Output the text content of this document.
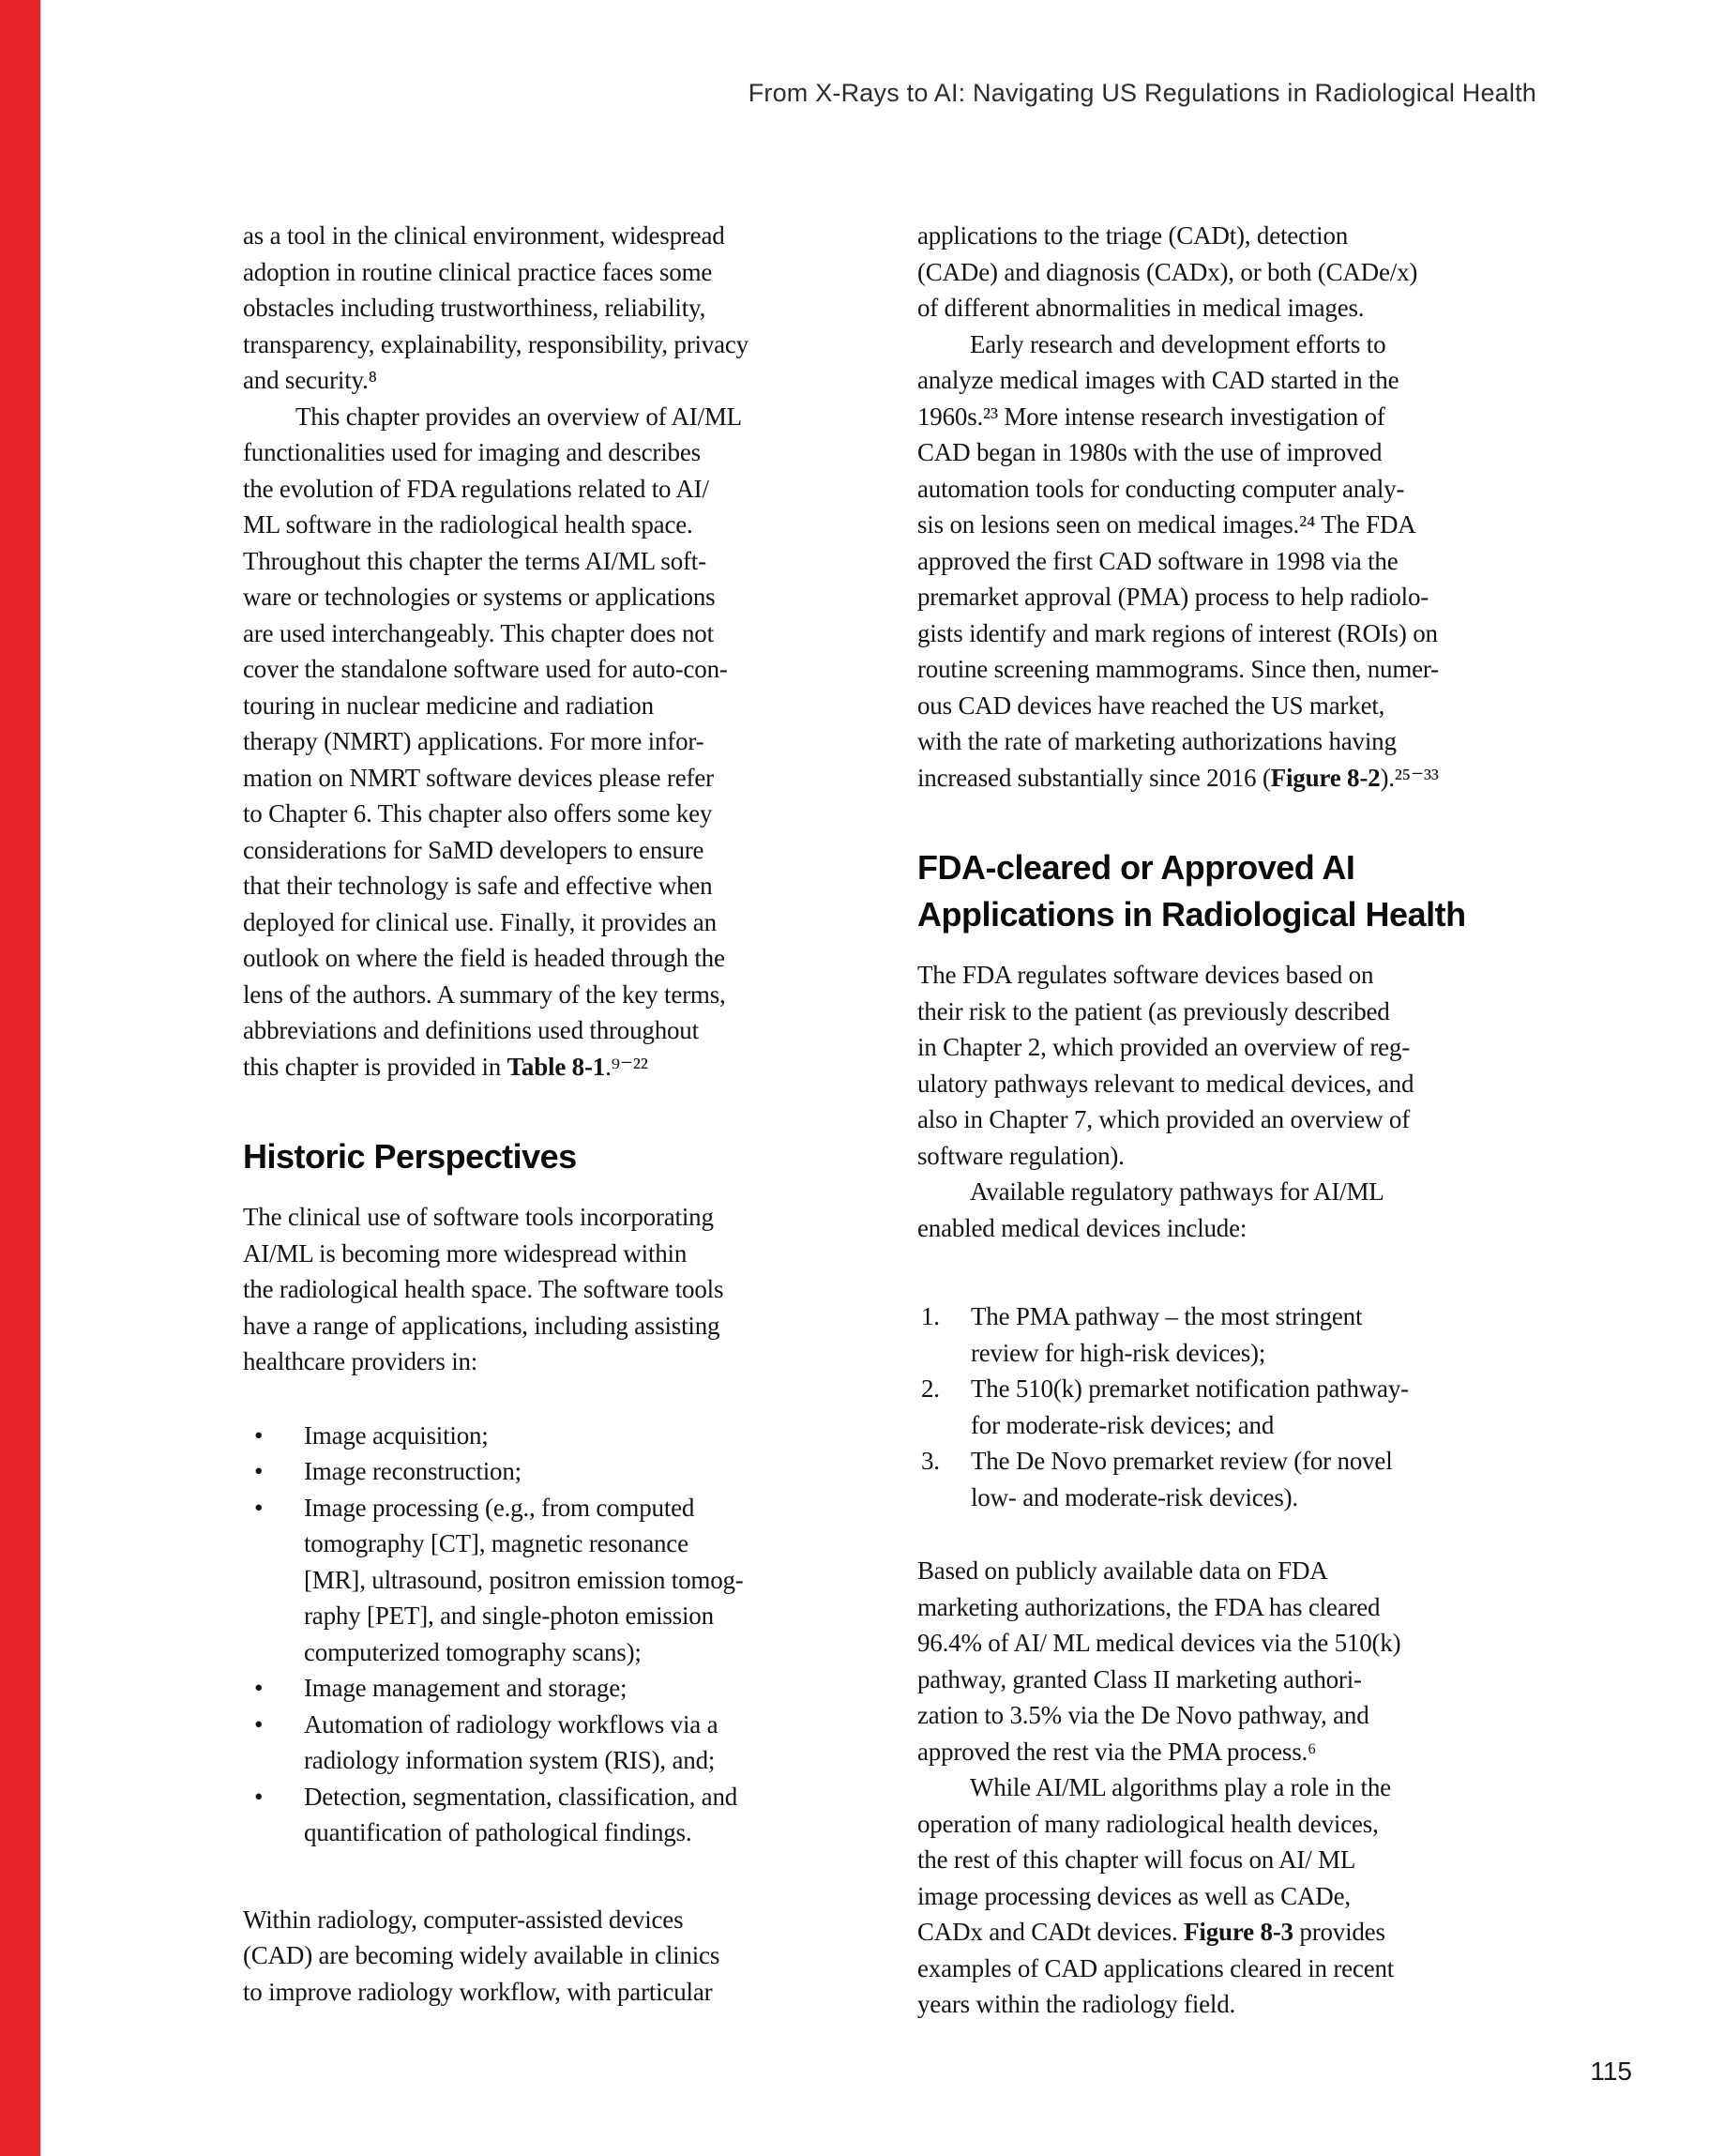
From X-Rays to AI: Navigating US Regulations in Radiological Health
as a tool in the clinical environment, widespread
adoption in routine clinical practice faces some
obstacles including trustworthiness, reliability,
transparency, explainability, responsibility, privacy
and security.⁸
This chapter provides an overview of AI/ML
functionalities used for imaging and describes
the evolution of FDA regulations related to AI/
ML software in the radiological health space.
Throughout this chapter the terms AI/ML soft-
ware or technologies or systems or applications
are used interchangeably. This chapter does not
cover the standalone software used for auto-con-
touring in nuclear medicine and radiation
therapy (NMRT) applications. For more infor-
mation on NMRT software devices please refer
to Chapter 6. This chapter also offers some key
considerations for SaMD developers to ensure
that their technology is safe and effective when
deployed for clinical use. Finally, it provides an
outlook on where the field is headed through the
lens of the authors. A summary of the key terms,
abbreviations and definitions used throughout
this chapter is provided in Table 8-1.⁹⁻²²
Historic Perspectives
The clinical use of software tools incorporating
AI/ML is becoming more widespread within
the radiological health space. The software tools
have a range of applications, including assisting
healthcare providers in:
• Image acquisition;
• Image reconstruction;
• Image processing (e.g., from computed
tomography [CT], magnetic resonance
[MR], ultrasound, positron emission tomog-
raphy [PET], and single-photon emission
computerized tomography scans);
• Image management and storage;
• Automation of radiology workflows via a
radiology information system (RIS), and;
• Detection, segmentation, classification, and
quantification of pathological findings.
Within radiology, computer-assisted devices
(CAD) are becoming widely available in clinics
to improve radiology workflow, with particular
applications to the triage (CADt), detection
(CADe) and diagnosis (CADx), or both (CADe/x)
of different abnormalities in medical images.
Early research and development efforts to
analyze medical images with CAD started in the
1960s.²³ More intense research investigation of
CAD began in 1980s with the use of improved
automation tools for conducting computer analy-
sis on lesions seen on medical images.²⁴ The FDA
approved the first CAD software in 1998 via the
premarket approval (PMA) process to help radiolo-
gists identify and mark regions of interest (ROIs) on
routine screening mammograms. Since then, numer-
ous CAD devices have reached the US market,
with the rate of marketing authorizations having
increased substantially since 2016 (Figure 8-2).²⁵⁻³³
FDA-cleared or Approved AI
Applications in Radiological Health
The FDA regulates software devices based on
their risk to the patient (as previously described
in Chapter 2, which provided an overview of reg-
ulatory pathways relevant to medical devices, and
also in Chapter 7, which provided an overview of
software regulation).
Available regulatory pathways for AI/ML
enabled medical devices include:
1. The PMA pathway – the most stringent
review for high-risk devices);
2. The 510(k) premarket notification pathway-
for moderate-risk devices; and
3. The De Novo premarket review (for novel
low- and moderate-risk devices).
Based on publicly available data on FDA
marketing authorizations, the FDA has cleared
96.4% of AI/ ML medical devices via the 510(k)
pathway, granted Class II marketing authori-
zation to 3.5% via the De Novo pathway, and
approved the rest via the PMA process.⁶
While AI/ML algorithms play a role in the
operation of many radiological health devices,
the rest of this chapter will focus on AI/ ML
image processing devices as well as CADe,
CADx and CADt devices. Figure 8-3 provides
examples of CAD applications cleared in recent
years within the radiology field.
115
